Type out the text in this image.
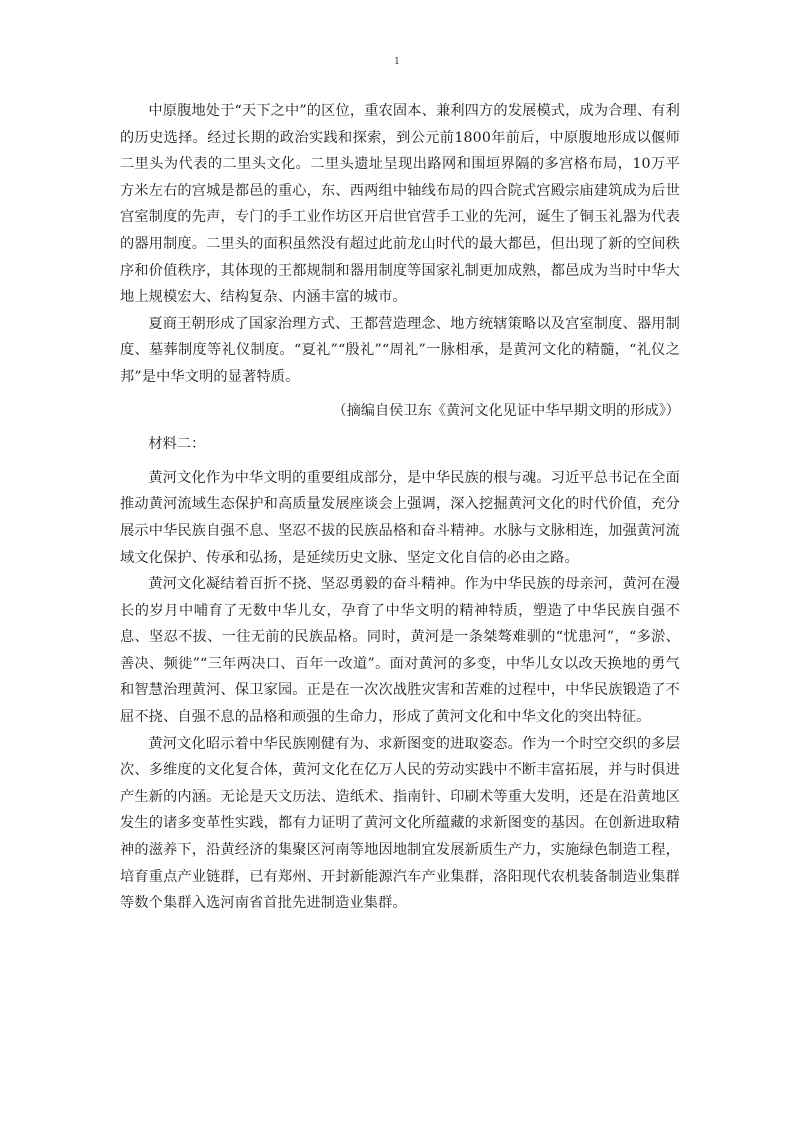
1

中原腹地处于“天下之中”的区位，重农固本、兼利四方的发展模式，成为合理、有利的历史选择。经过长期的政治实践和探索，到公元前1800年前后，中原腹地形成以偃师二里头为代表的二里头文化。二里头遗址呈现出路网和围垣界隔的多宫格布局，10万平方米左右的宫城是都邑的重心，东、西两组中轴线布局的四合院式宫殿宗庙建筑成为后世宫室制度的先声，专门的手工业作坊区开启世官营手工业的先河，诞生了铜玉礼器为代表的器用制度。二里头的面积虽然没有超过此前龙山时代的最大都邑，但出现了新的空间秩序和价值秩序，其体现的王都规制和器用制度等国家礼制更加成熟，都邑成为当时中华大地上规模宏大、结构复杂、内涵丰富的城市。

夏商王朝形成了国家治理方式、王都营造理念、地方统辖策略以及宫室制度、器用制度、墓葬制度等礼仪制度。“夏礼”“殷礼”“周礼”一脉相承，是黄河文化的精髓，“礼仪之邦”是中华文明的显著特质。

（摘编自侯卫东《黄河文化见证中华早期文明的形成》）

材料二：

黄河文化作为中华文明的重要组成部分，是中华民族的根与魂。习近平总书记在全面推动黄河流域生态保护和高质量发展座谈会上强调，深入挖掘黄河文化的时代价值，充分展示中华民族自强不息、坚忍不拔的民族品格和奋斗精神。水脉与文脉相连，加强黄河流域文化保护、传承和弘扬，是延续历史文脉、坚定文化自信的必由之路。

黄河文化凝结着百折不挠、坚忍勇毅的奋斗精神。作为中华民族的母亲河，黄河在漫长的岁月中哺育了无数中华儿女，孕育了中华文明的精神特质，塑造了中华民族自强不息、坚忍不拔、一往无前的民族品格。同时，黄河是一条桀骜难驯的“忧患河”，“多淤、善决、频徙”“三年两决口、百年一改道”。面对黄河的多变，中华儿女以改天换地的勇气和智慧治理黄河、保卫家园。正是在一次次战胜灾害和苦难的过程中，中华民族锻造了不屈不挠、自强不息的品格和顽强的生命力，形成了黄河文化和中华文化的突出特征。

黄河文化昭示着中华民族刚健有为、求新图变的进取姿态。作为一个时空交织的多层次、多维度的文化复合体，黄河文化在亿万人民的劳动实践中不断丰富拓展，并与时俱进产生新的内涵。无论是天文历法、造纸术、指南针、印刷术等重大发明，还是在沿黄地区发生的诸多变革性实践，都有力证明了黄河文化所蕴藏的求新图变的基因。在创新进取精神的滋养下，沿黄经济的集聚区河南等地因地制宜发展新质生产力，实施绿色制造工程，培育重点产业链群，已有郑州、开封新能源汽车产业集群，洛阳现代农机装备制造业集群等数个集群入选河南省首批先进制造业集群。
